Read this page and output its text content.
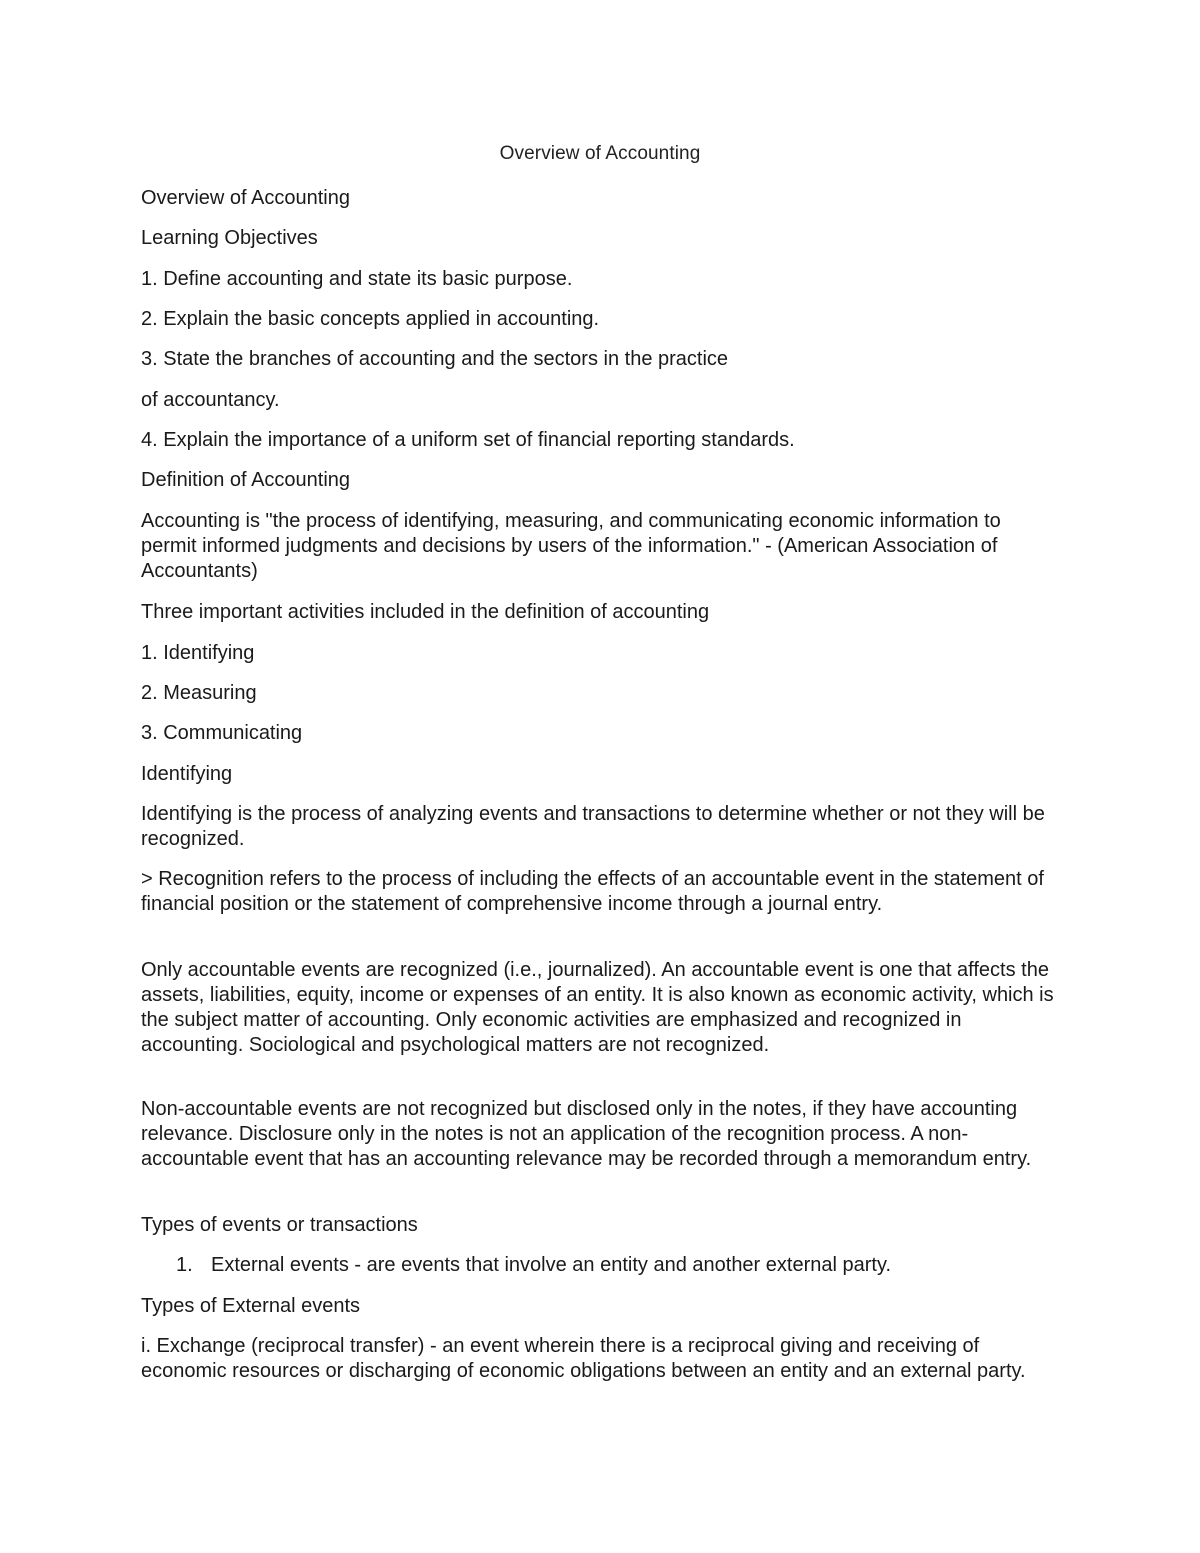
Overview of Accounting
Overview of Accounting
Learning Objectives
1. Define accounting and state its basic purpose.
2. Explain the basic concepts applied in accounting.
3. State the branches of accounting and the sectors in the practice
of accountancy.
4. Explain the importance of a uniform set of financial reporting standards.
Definition of Accounting
Accounting is "the process of identifying, measuring, and communicating economic information to permit informed judgments and decisions by users of the information." - (American Association of Accountants)
Three important activities included in the definition of accounting
1. Identifying
2. Measuring
3. Communicating
Identifying
Identifying is the process of analyzing events and transactions to determine whether or not they will be recognized.
> Recognition refers to the process of including the effects of an accountable event in the statement of financial position or the statement of comprehensive income through a journal entry.
Only accountable events are recognized (i.e., journalized). An accountable event is one that affects the assets, liabilities, equity, income or expenses of an entity. It is also known as economic activity, which is the subject matter of accounting. Only economic activities are emphasized and recognized in accounting. Sociological and psychological matters are not recognized.
Non-accountable events are not recognized but disclosed only in the notes, if they have accounting relevance. Disclosure only in the notes is not an application of the recognition process. A non-accountable event that has an accounting relevance may be recorded through a memorandum entry.
Types of events or transactions
1. External events - are events that involve an entity and another external party.
Types of External events
i. Exchange (reciprocal transfer) - an event wherein there is a reciprocal giving and receiving of economic resources or discharging of economic obligations between an entity and an external party.
